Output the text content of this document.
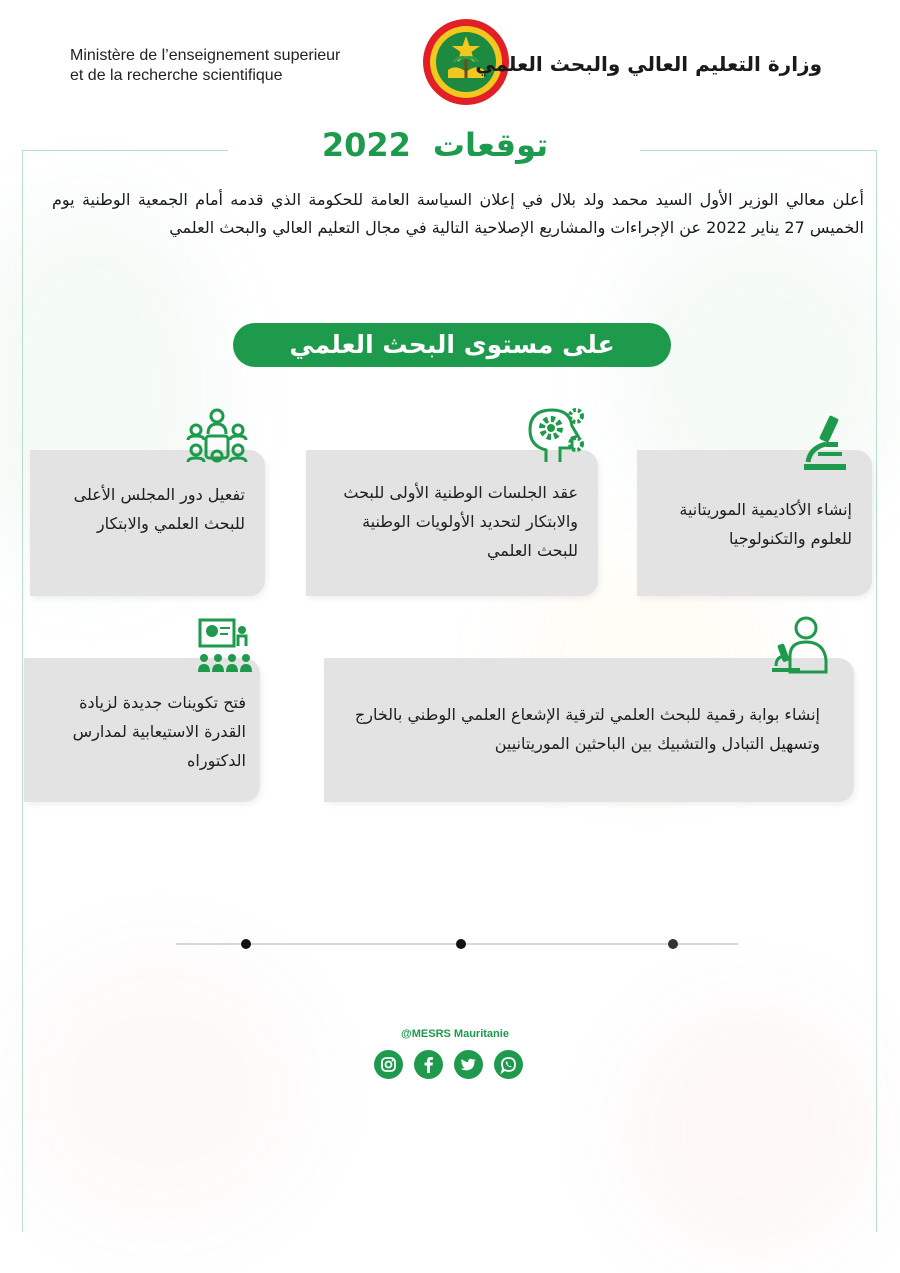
Ministère de l’enseignement superieur
et de la recherche scientifique	وزارة التعليم العالي والبحث العلمي
توقعات2022
أعلن معالي الوزير الأول السيد محمد ولد بلال في إعلان السياسة العامة للحكومة الذي قدمه أمام الجمعية الوطنية يوم الخميس 27 يناير 2022 عن الإجراءات والمشاريع الإصلاحية التالية في مجال التعليم العالي والبحث العلمي
على مستوى البحث العلمي
إنشاء الأكاديمية الموريتانية للعلوم والتكنولوجيا
عقد الجلسات الوطنية الأولى للبحث والابتكار لتحديد الأولويات الوطنية للبحث العلمي
تفعيل دور المجلس الأعلى للبحث العلمي والابتكار
إنشاء بوابة رقمية للبحث العلمي لترقية الإشعاع العلمي الوطني بالخارج وتسهيل التبادل والتشبيك بين الباحثين الموريتانيين
فتح تكوينات جديدة لزيادة القدرة الاستيعابية لمدارس الدكتوراه
@MESRS Mauritanie
